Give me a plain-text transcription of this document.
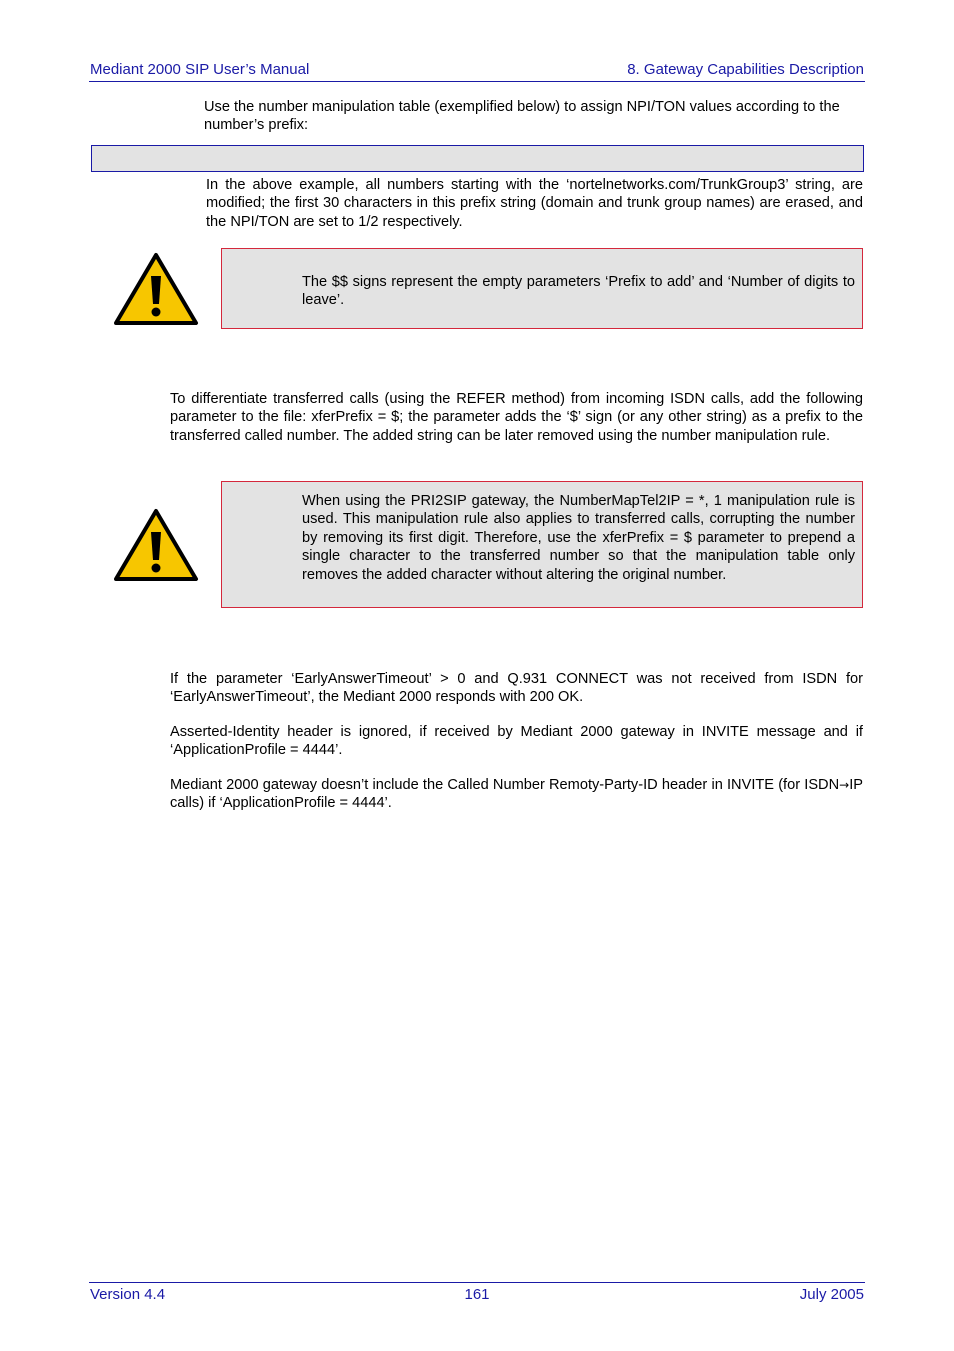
Mediant 2000 SIP User’s Manual	8. Gateway Capabilities Description
Use the number manipulation table (exemplified below) to assign NPI/TON values according to the number’s prefix:
In the above example, all numbers starting with the ‘nortelnetworks.com/TrunkGroup3’ string, are modified; the first 30 characters in this prefix string (domain and trunk group names) are erased, and the NPI/TON are set to 1/2 respectively.
The $$ signs represent the empty parameters ‘Prefix to add’ and ‘Number of digits to leave’.
To differentiate transferred calls (using the REFER method) from incoming ISDN calls, add the following parameter to the file: xferPrefix = $; the parameter adds the ‘$’ sign (or any other string) as a prefix to the transferred called number. The added string can be later removed using the number manipulation rule.
When using the PRI2SIP gateway, the NumberMapTel2IP = *, 1 manipulation rule is used. This manipulation rule also applies to transferred calls, corrupting the number by removing its first digit. Therefore, use the xferPrefix = $ parameter to prepend a single character to the transferred number so that the manipulation table only removes the added character without altering the original number.
If the parameter ‘EarlyAnswerTimeout’ > 0 and Q.931 CONNECT was not received from ISDN for ‘EarlyAnswerTimeout’, the Mediant 2000 responds with 200 OK.
Asserted-Identity header is ignored, if received by Mediant 2000 gateway in INVITE message and if ‘ApplicationProfile = 4444’.
Mediant 2000 gateway doesn’t include the Called Number Remoty-Party-ID header in INVITE (for ISDN→IP calls) if ‘ApplicationProfile = 4444’.
Version 4.4	161	July 2005
